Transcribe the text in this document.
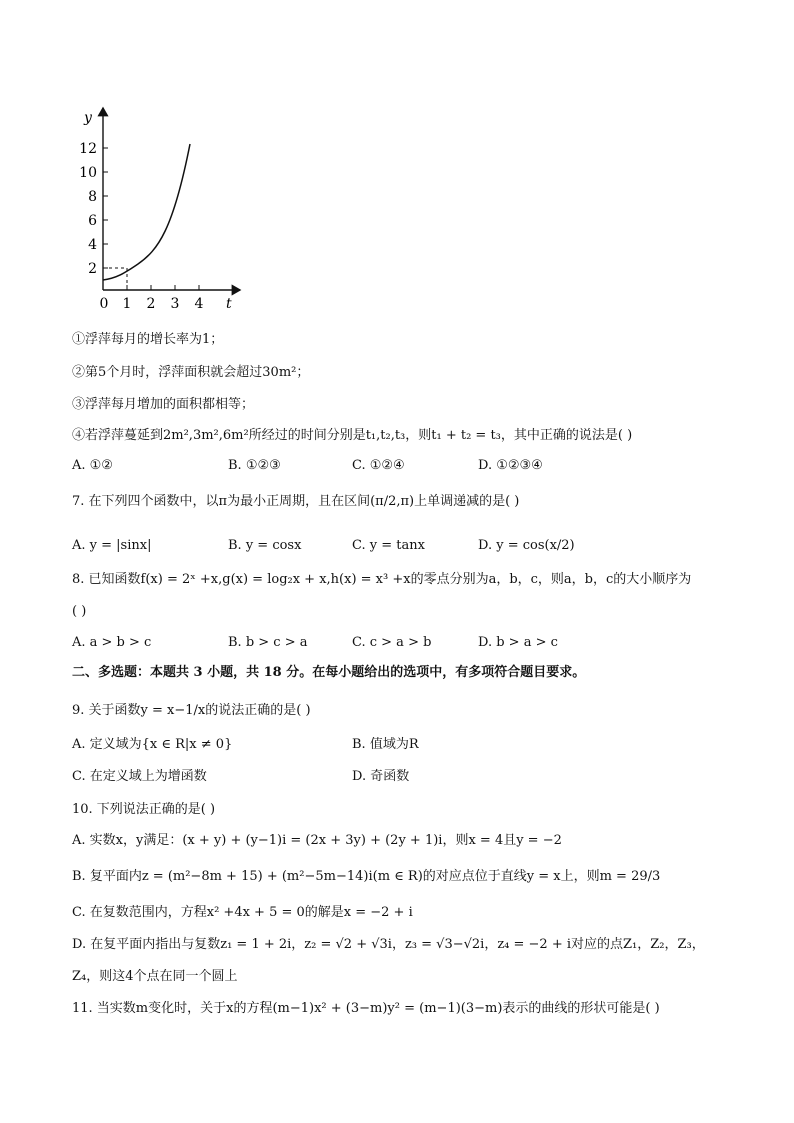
y
t
2
4
6
8
10
12
0 1 2 3 4
①浮萍每月的增长率为1；
②第5个月时，浮萍面积就会超过30m²；
③浮萍每月增加的面积都相等；
④若浮萍蔓延到2m²,3m²,6m²所经过的时间分别是t₁,t₂,t₃，则t₁ + t₂ = t₃，其中正确的说法是( )
A. ①②	B. ①②③	C. ①②④	D. ①②③④
7. 在下列四个函数中，以π为最小正周期，且在区间(π/2,π)上单调递减的是( )
A. y = |sinx|	B. y = cosx	C. y = tanx	D. y = cos(x/2)
8. 已知函数f(x) = 2ˣ +x,g(x) = log₂x + x,h(x) = x³ +x的零点分别为a，b，c，则a，b，c的大小顺序为
( )
A. a > b > c	B. b > c > a	C. c > a > b	D. b > a > c
二、多选题：本题共 3 小题，共 18 分。在每小题给出的选项中，有多项符合题目要求。
9. 关于函数y = x−1/x的说法正确的是( )
A. 定义域为{x ∈ R|x ≠ 0}	B. 值域为R
C. 在定义域上为增函数	D. 奇函数
10. 下列说法正确的是( )
A. 实数x，y满足：(x + y) + (y−1)i = (2x + 3y) + (2y + 1)i，则x = 4且y = −2
B. 复平面内z = (m²−8m + 15) + (m²−5m−14)i(m ∈ R)的对应点位于直线y = x上，则m = 29/3
C. 在复数范围内，方程x² +4x + 5 = 0的解是x = −2 + i
D. 在复平面内指出与复数z₁ = 1 + 2i，z₂ = √2 + √3i，z₃ = √3−√2i，z₄ = −2 + i对应的点Z₁，Z₂，Z₃，
Z₄，则这4个点在同一个圆上
11. 当实数m变化时，关于x的方程(m−1)x² + (3−m)y² = (m−1)(3−m)表示的曲线的形状可能是( )
